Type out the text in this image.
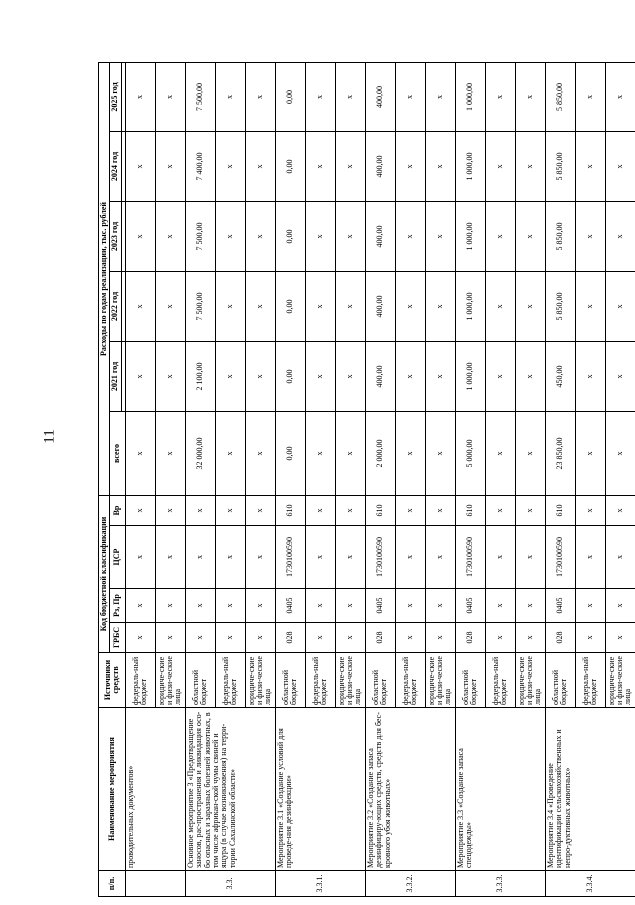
11
п/п.	Наименование мероприятия	Источники средств	Код бюджетной классификации				Расходы по годам реализации, тыс. рублей					
			ГРБС	Рз, Пр	ЦСР	Вр	всего	2021 год	2022 год	2023 год	2024 год	2025 год

	проводительных документов»	федераль-ный бюджет	x	x	x	x	x	x	x	x	x	x
		юридиче-ские и физи-ческие лица	x	x	x	x	x	x	x	x	x	x
3.3.	Основное мероприятие 3 «Предотвращение заносов, рас-пространения и ликвидация осо-бо опасных и заразных болезней животных, в том числе африкан-ской чумы свиней и ящура (в случае возникновения) на терри-тории Сахалинской области»	областной бюджет	x	x	x	x	32 000,00	2 100,00	7 500,00	7 500,00	7 400,00	7 500,00
		федераль-ный бюджет	x	x	x	x	x	x	x	x	x	x
		юридиче-ские и физи-ческие лица	x	x	x	x	x	x	x	x	x	x
3.3.1.	Мероприятие 3.1 «Создание условий для проведе-ния дезинфекции»	областной бюджет	028	0405	1730100590	610	0,00	0,00	0,00	0,00	0,00	0,00
		федераль-ный бюджет	x	x	x	x	x	x	x	x	x	x
		юридиче-ские и физи-ческие лица	x	x	x	x	x	x	x	x	x	x
3.3.2.	Мероприятие 3.2 «Создание запаса дезинфициру-ющих средств, средств для бес-кровного убоя животных»	областной бюджет	028	0405	1730100590	610	2 000,00	400,00	400,00	400,00	400,00	400,00
		федераль-ный бюджет	x	x	x	x	x	x	x	x	x	x
		юридиче-ские и физи-ческие лица	x	x	x	x	x	x	x	x	x	x
3.3.3.	Мероприятие 3.3 «Создание запаса спецодежды»	областной бюджет	028	0405	1730100590	610	5 000,00	1 000,00	1 000,00	1 000,00	1 000,00	1 000,00
		федераль-ный бюджет	x	x	x	x	x	x	x	x	x	x
		юридиче-ские и физи-ческие лица	x	x	x	x	x	x	x	x	x	x
3.3.4.	Мероприятие 3.4 «Проведение идентификации сельскохозяйственных и непро-дуктивных животных»	областной бюджет	028	0405	1730100590	610	23 850,00	450,00	5 850,00	5 850,00	5 850,00	5 850,00
		федераль-ный бюджет	x	x	x	x	x	x	x	x	x	x
		юридиче-ские и физи-ческие лица	x	x	x	x	x	x	x	x	x	x
